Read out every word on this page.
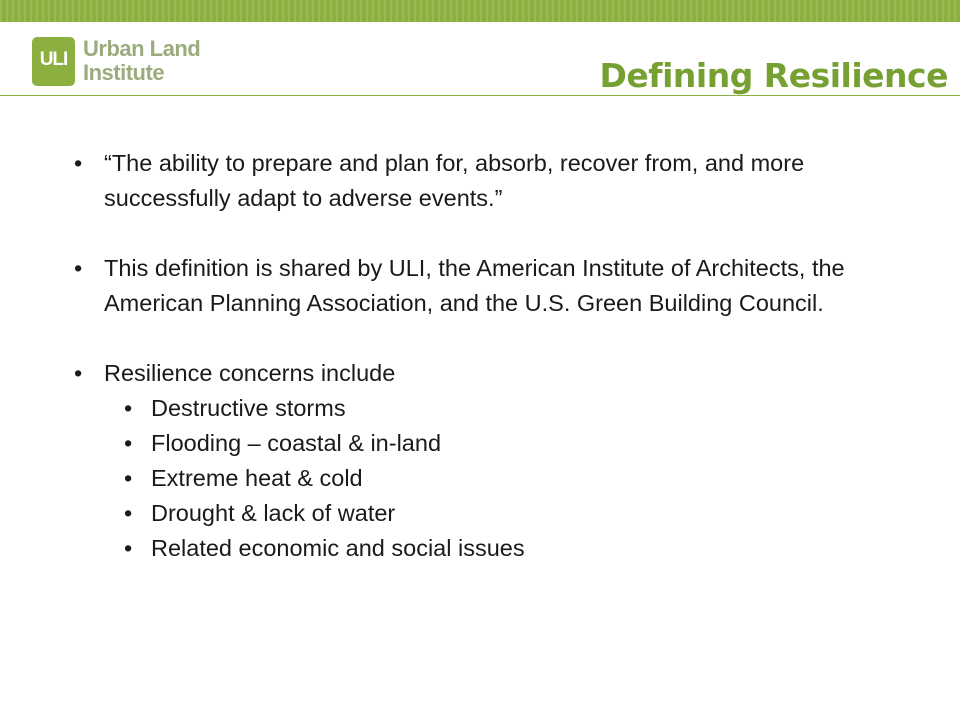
ULI Urban Land Institute	Defining Resilience
• “The ability to prepare and plan for, absorb, recover from, and more successfully adapt to adverse events.”
• This definition is shared by ULI, the American Institute of Architects, the American Planning Association, and the U.S. Green Building Council.
• Resilience concerns include
• Destructive storms
• Flooding – coastal & in-land
• Extreme heat & cold
• Drought & lack of water
• Related economic and social issues
